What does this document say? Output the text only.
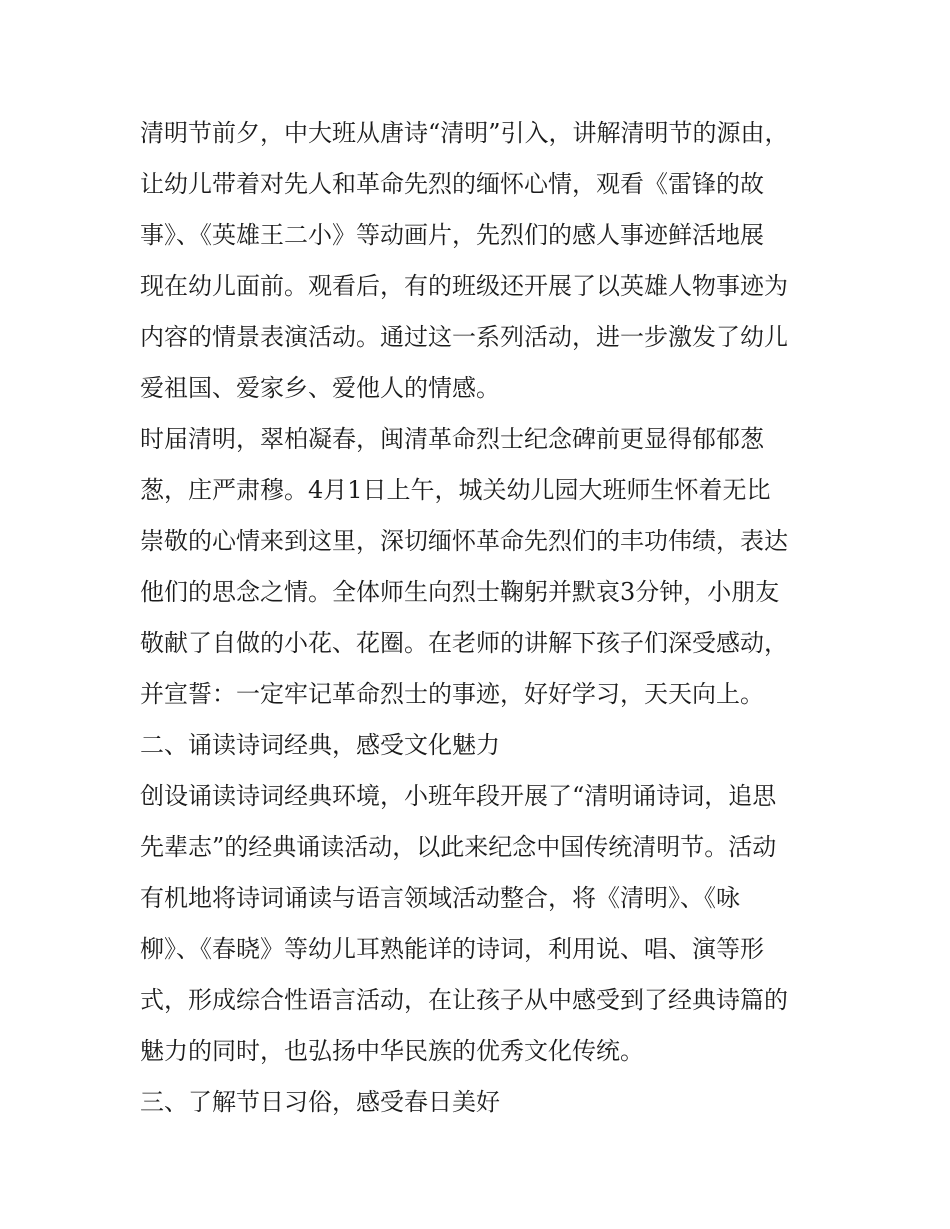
清明节前夕，中大班从唐诗“清明”引入，讲解清明节的源由，
让幼儿带着对先人和革命先烈的缅怀心情，观看《雷锋的故
事》、《英雄王二小》等动画片，先烈们的感人事迹鲜活地展
现在幼儿面前。观看后，有的班级还开展了以英雄人物事迹为
内容的情景表演活动。通过这一系列活动，进一步激发了幼儿
爱祖国、爱家乡、爱他人的情感。
时届清明，翠柏凝春，闽清革命烈士纪念碑前更显得郁郁葱
葱，庄严肃穆。4月1日上午，城关幼儿园大班师生怀着无比
崇敬的心情来到这里，深切缅怀革命先烈们的丰功伟绩，表达
他们的思念之情。全体师生向烈士鞠躬并默哀3分钟，小朋友
敬献了自做的小花、花圈。在老师的讲解下孩子们深受感动，
并宣誓：一定牢记革命烈士的事迹，好好学习，天天向上。
二、诵读诗词经典，感受文化魅力
创设诵读诗词经典环境，小班年段开展了“清明诵诗词，追思
先辈志”的经典诵读活动，以此来纪念中国传统清明节。活动
有机地将诗词诵读与语言领域活动整合，将《清明》、《咏
柳》、《春晓》等幼儿耳熟能详的诗词，利用说、唱、演等形
式，形成综合性语言活动，在让孩子从中感受到了经典诗篇的
魅力的同时，也弘扬中华民族的优秀文化传统。
三、了解节日习俗，感受春日美好
